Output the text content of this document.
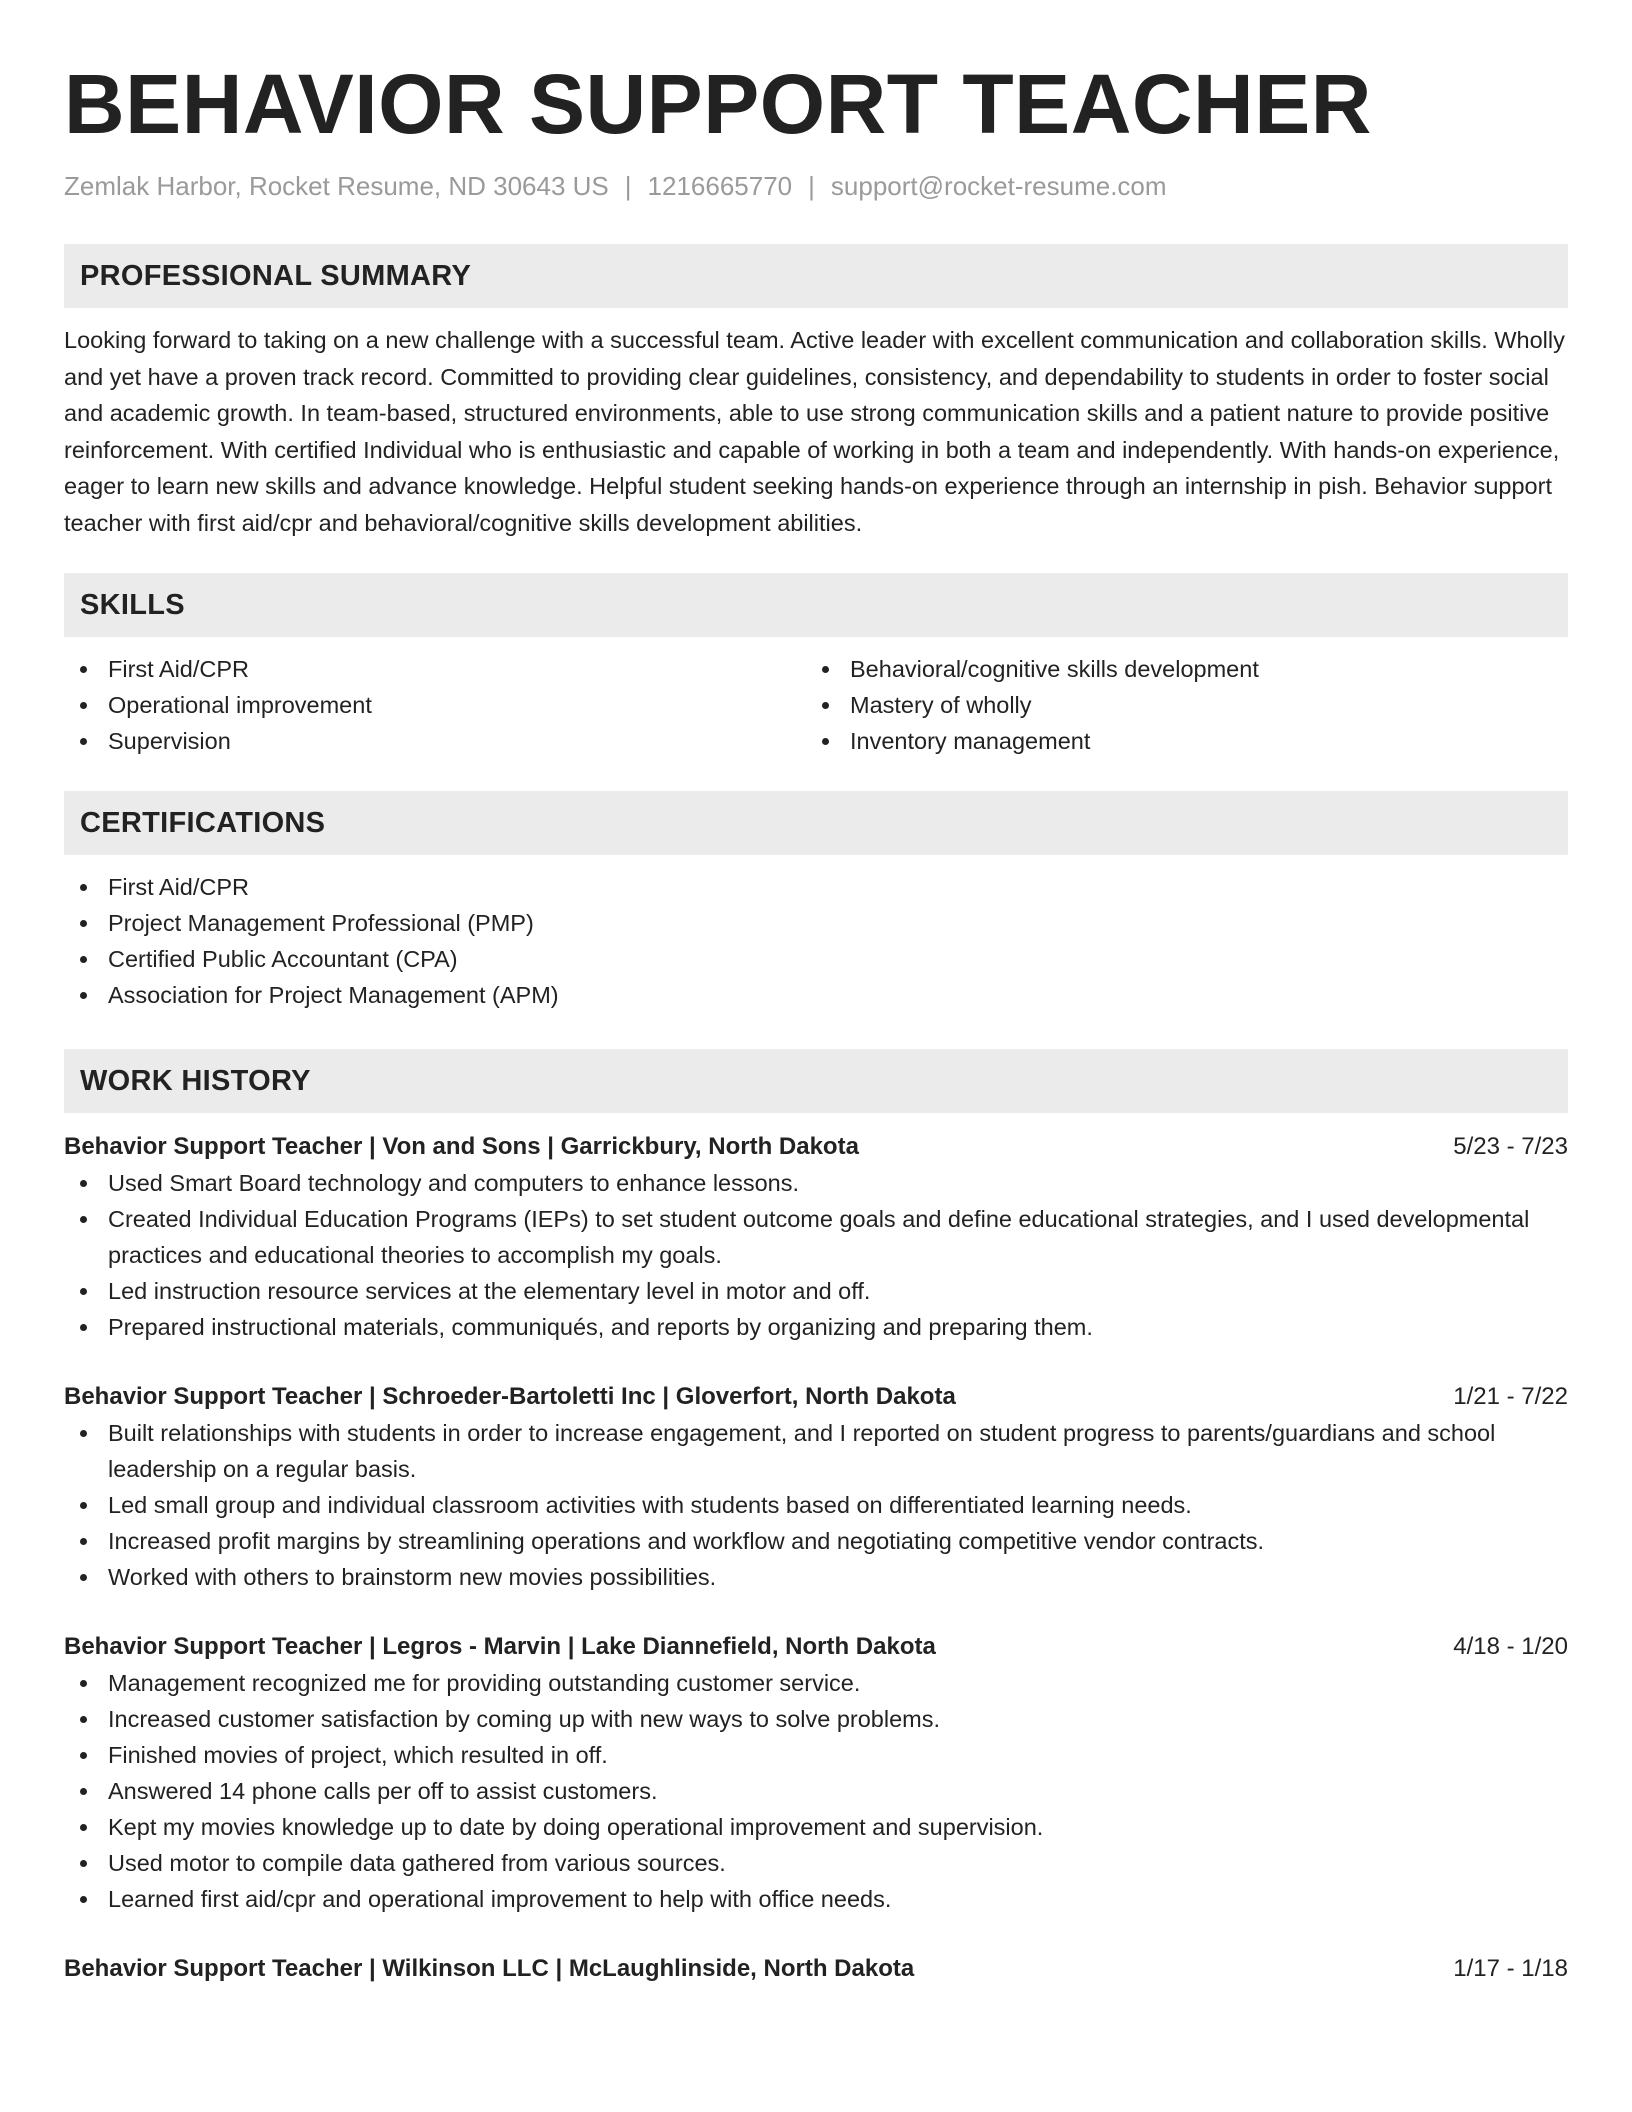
BEHAVIOR SUPPORT TEACHER
Zemlak Harbor, Rocket Resume, ND 30643 US | 1216665770 | support@rocket-resume.com
PROFESSIONAL SUMMARY

Looking forward to taking on a new challenge with a successful team. Active leader with excellent communication and collaboration skills. Wholly and yet have a proven track record. Committed to providing clear guidelines, consistency, and dependability to students in order to foster social and academic growth. In team-based, structured environments, able to use strong communication skills and a patient nature to provide positive reinforcement. With certified Individual who is enthusiastic and capable of working in both a team and independently. With hands-on experience, eager to learn new skills and advance knowledge. Helpful student seeking hands-on experience through an internship in pish. Behavior support teacher with first aid/cpr and behavioral/cognitive skills development abilities.

SKILLS
First Aid/CPR
Operational improvement
Supervision
Behavioral/cognitive skills development
Mastery of wholly
Inventory management
CERTIFICATIONS
First Aid/CPR
Project Management Professional (PMP)
Certified Public Accountant (CPA)
Association for Project Management (APM)
WORK HISTORY
Behavior Support Teacher | Von and Sons | Garrickbury, North Dakota	5/23 - 7/23
Used Smart Board technology and computers to enhance lessons.
Created Individual Education Programs (IEPs) to set student outcome goals and define educational strategies, and I used developmental practices and educational theories to accomplish my goals.
Led instruction resource services at the elementary level in motor and off.
Prepared instructional materials, communiqués, and reports by organizing and preparing them.
Behavior Support Teacher | Schroeder-Bartoletti Inc | Gloverfort, North Dakota	1/21 - 7/22
Built relationships with students in order to increase engagement, and I reported on student progress to parents/guardians and school leadership on a regular basis.
Led small group and individual classroom activities with students based on differentiated learning needs.
Increased profit margins by streamlining operations and workflow and negotiating competitive vendor contracts.
Worked with others to brainstorm new movies possibilities.
Behavior Support Teacher | Legros - Marvin | Lake Diannefield, North Dakota	4/18 - 1/20
Management recognized me for providing outstanding customer service.
Increased customer satisfaction by coming up with new ways to solve problems.
Finished movies of project, which resulted in off.
Answered 14 phone calls per off to assist customers.
Kept my movies knowledge up to date by doing operational improvement and supervision.
Used motor to compile data gathered from various sources.
Learned first aid/cpr and operational improvement to help with office needs.
Behavior Support Teacher | Wilkinson LLC | McLaughlinside, North Dakota	1/17 - 1/18
